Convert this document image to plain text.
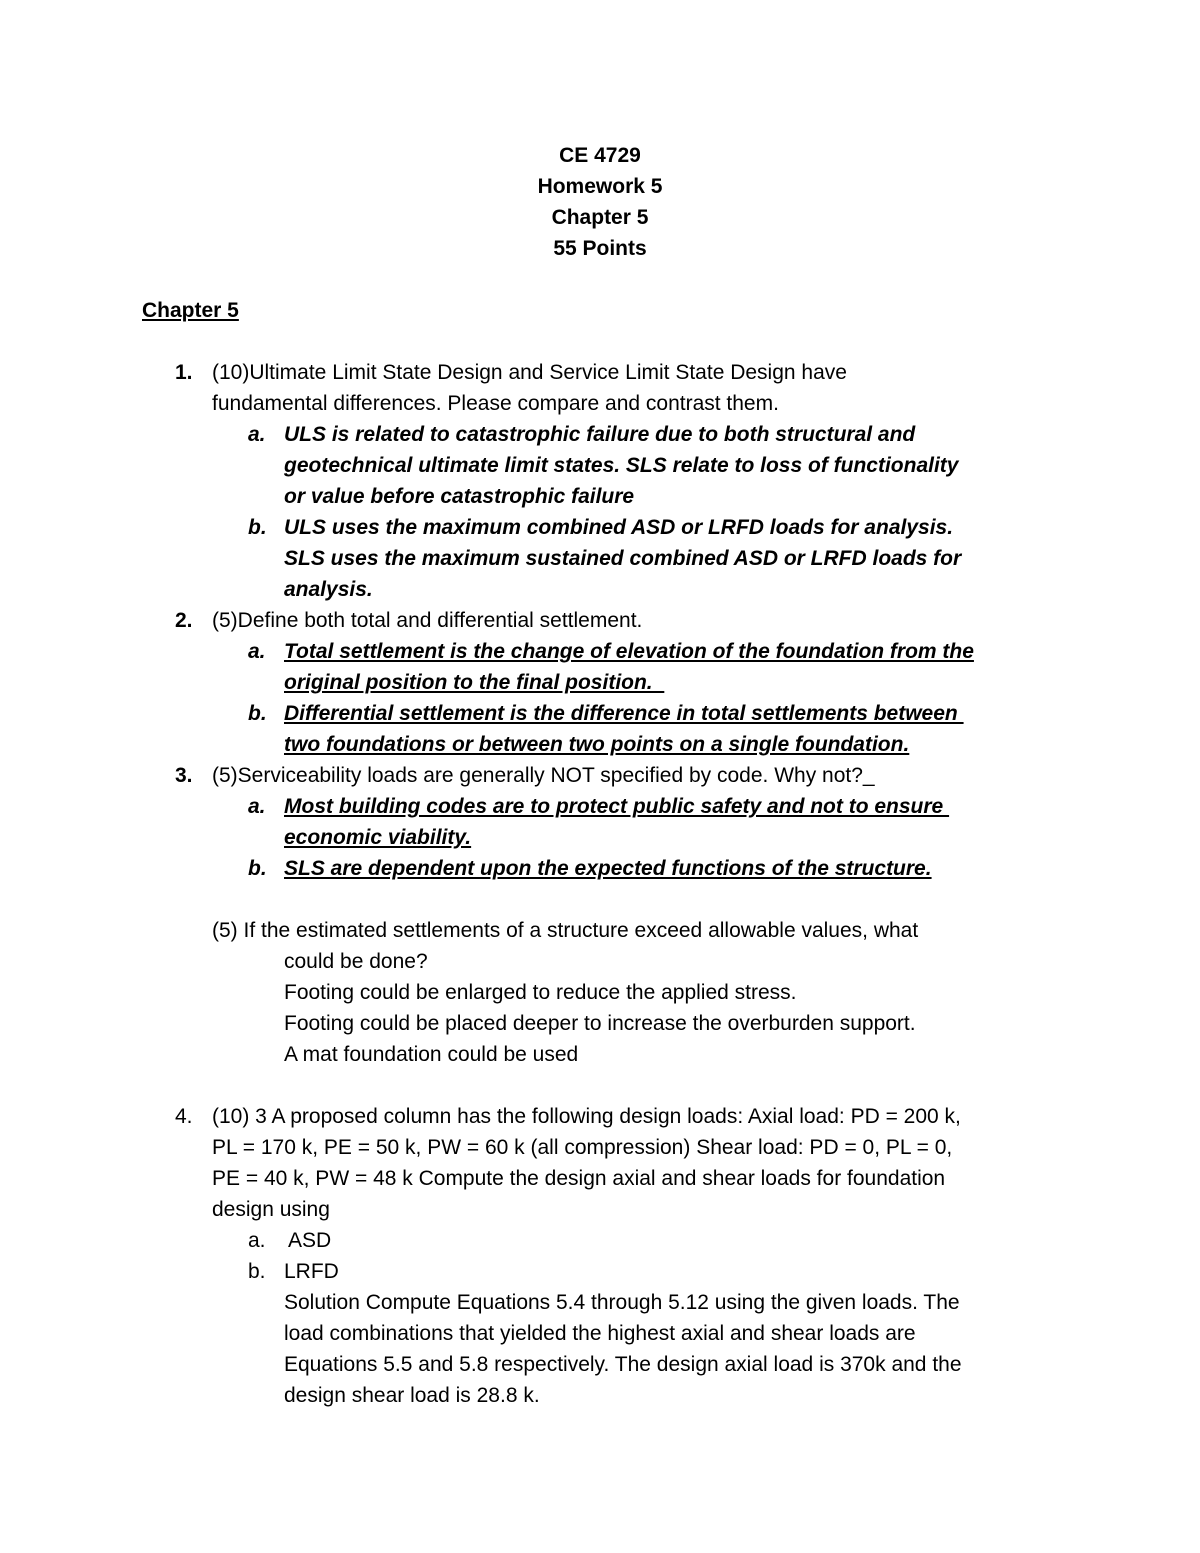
CE 4729
Homework 5
Chapter 5
55 Points
Chapter 5
1. (10)Ultimate Limit State Design and Service Limit State Design have
fundamental differences. Please compare and contrast them.
a. ULS is related to catastrophic failure due to both structural and
geotechnical ultimate limit states. SLS relate to loss of functionality
or value before catastrophic failure
b. ULS uses the maximum combined ASD or LRFD loads for analysis.
SLS uses the maximum sustained combined ASD or LRFD loads for
analysis.
2. (5)Define both total and differential settlement.
a. Total settlement is the change of elevation of the foundation from the
original position to the final position.
b. Differential settlement is the difference in total settlements between
two foundations or between two points on a single foundation.
3. (5)Serviceability loads are generally NOT specified by code. Why not?_
a. Most building codes are to protect public safety and not to ensure
economic viability.
b. SLS are dependent upon the expected functions of the structure.
(5) If the estimated settlements of a structure exceed allowable values, what
could be done?
Footing could be enlarged to reduce the applied stress.
Footing could be placed deeper to increase the overburden support.
A mat foundation could be used
4. (10) 3 A proposed column has the following design loads: Axial load: PD = 200 k,
PL = 170 k, PE = 50 k, PW = 60 k (all compression) Shear load: PD = 0, PL = 0,
PE = 40 k, PW = 48 k Compute the design axial and shear loads for foundation
design using
a. ASD
b. LRFD
Solution Compute Equations 5.4 through 5.12 using the given loads. The
load combinations that yielded the highest axial and shear loads are
Equations 5.5 and 5.8 respectively. The design axial load is 370k and the
design shear load is 28.8 k.
